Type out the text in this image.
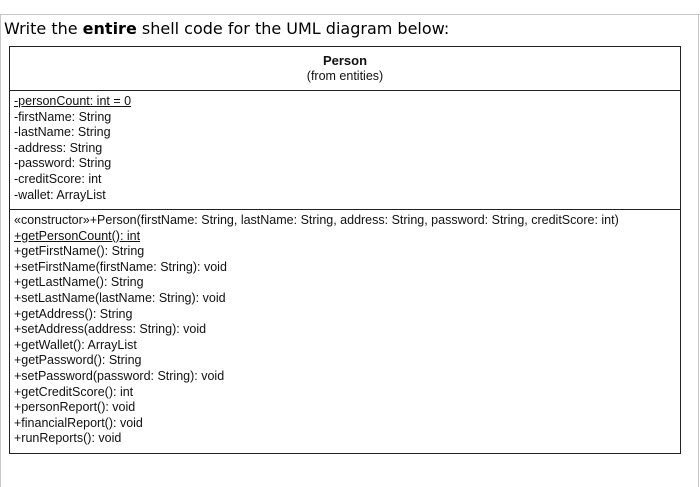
Write the entire shell code for the UML diagram below:
Person
(from entities)
-personCount: int = 0
-firstName: String
-lastName: String
-address: String
-password: String
-creditScore: int
-wallet: ArrayList
«constructor»+Person(firstName: String, lastName: String, address: String, password: String, creditScore: int)
+getPersonCount(): int
+getFirstName(): String
+setFirstName(firstName: String): void
+getLastName(): String
+setLastName(lastName: String): void
+getAddress(): String
+setAddress(address: String): void
+getWallet(): ArrayList
+getPassword(): String
+setPassword(password: String): void
+getCreditScore(): int
+personReport(): void
+financialReport(): void
+runReports(): void
